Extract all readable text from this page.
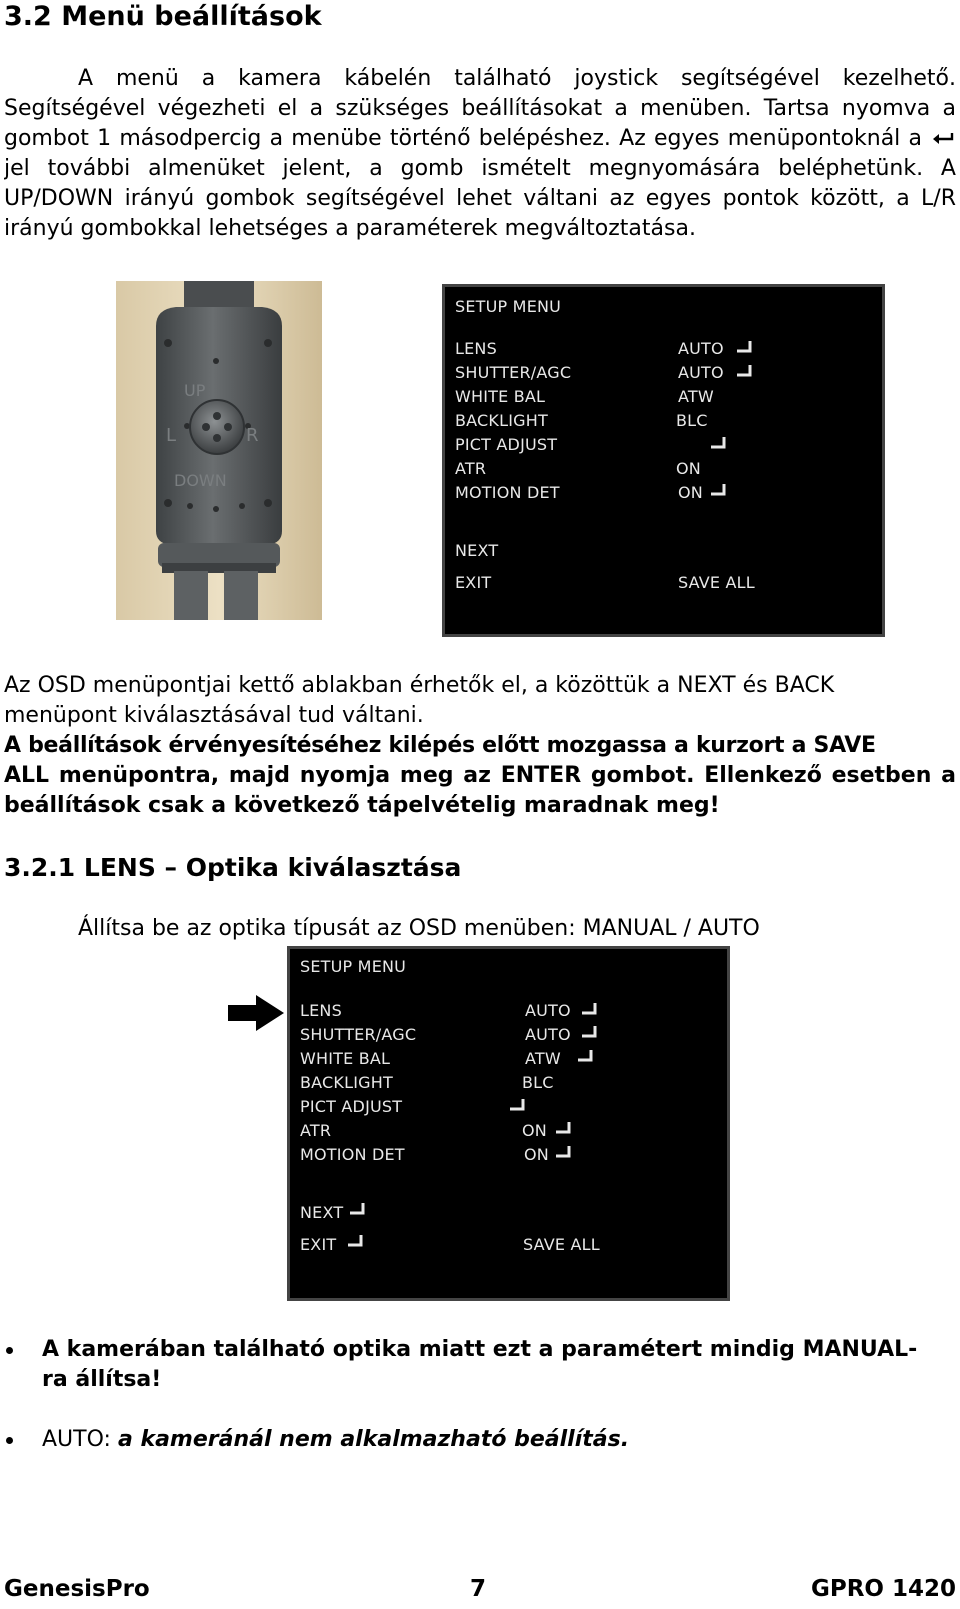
3.2 Menü beállítások
A menü a kamera kábelén található joystick segítségével kezelhető.
Segítségével végezheti el a szükséges beállításokat a menüben. Tartsa nyomva a
gombot 1 másodpercig a menübe történő belépéshez. Az egyes menüpontoknál a
jel további almenüket jelent, a gomb ismételt megnyomására beléphetünk. A
UP/DOWN irányú gombok segítségével lehet váltani az egyes pontok között, a L/R
irányú gombokkal lehetséges a paraméterek megváltoztatása.
UP
L	R
DOWN
SETUP MENU
LENS	AUTO
SHUTTER/AGC	AUTO
WHITE BAL	ATW
BACKLIGHT	BLC
PICT ADJUST
ATR	ON
MOTION DET	ON
NEXT
EXIT	SAVE ALL
Az OSD menüpontjai kettő ablakban érhetők el, a közöttük a NEXT és BACK
menüpont kiválasztásával tud váltani.
A beállítások érvényesítéséhez kilépés előtt mozgassa a kurzort a SAVE
ALL menüpontra, majd nyomja meg az ENTER gombot. Ellenkező esetben a
beállítások csak a következő tápelvételig maradnak meg!
3.2.1 LENS – Optika kiválasztása
Állítsa be az optika típusát az OSD menüben: MANUAL / AUTO
SETUP MENU
LENS	AUTO
SHUTTER/AGC	AUTO
WHITE BAL	ATW
BACKLIGHT	BLC
PICT ADJUST
ATR	ON
MOTION DET	ON
NEXT
EXIT	SAVE ALL
A kamerában található optika miatt ezt a paramétert mindig MANUAL-
ra állítsa!
AUTO: a kameránál nem alkalmazható beállítás.
GenesisPro	7	GPRO 1420
